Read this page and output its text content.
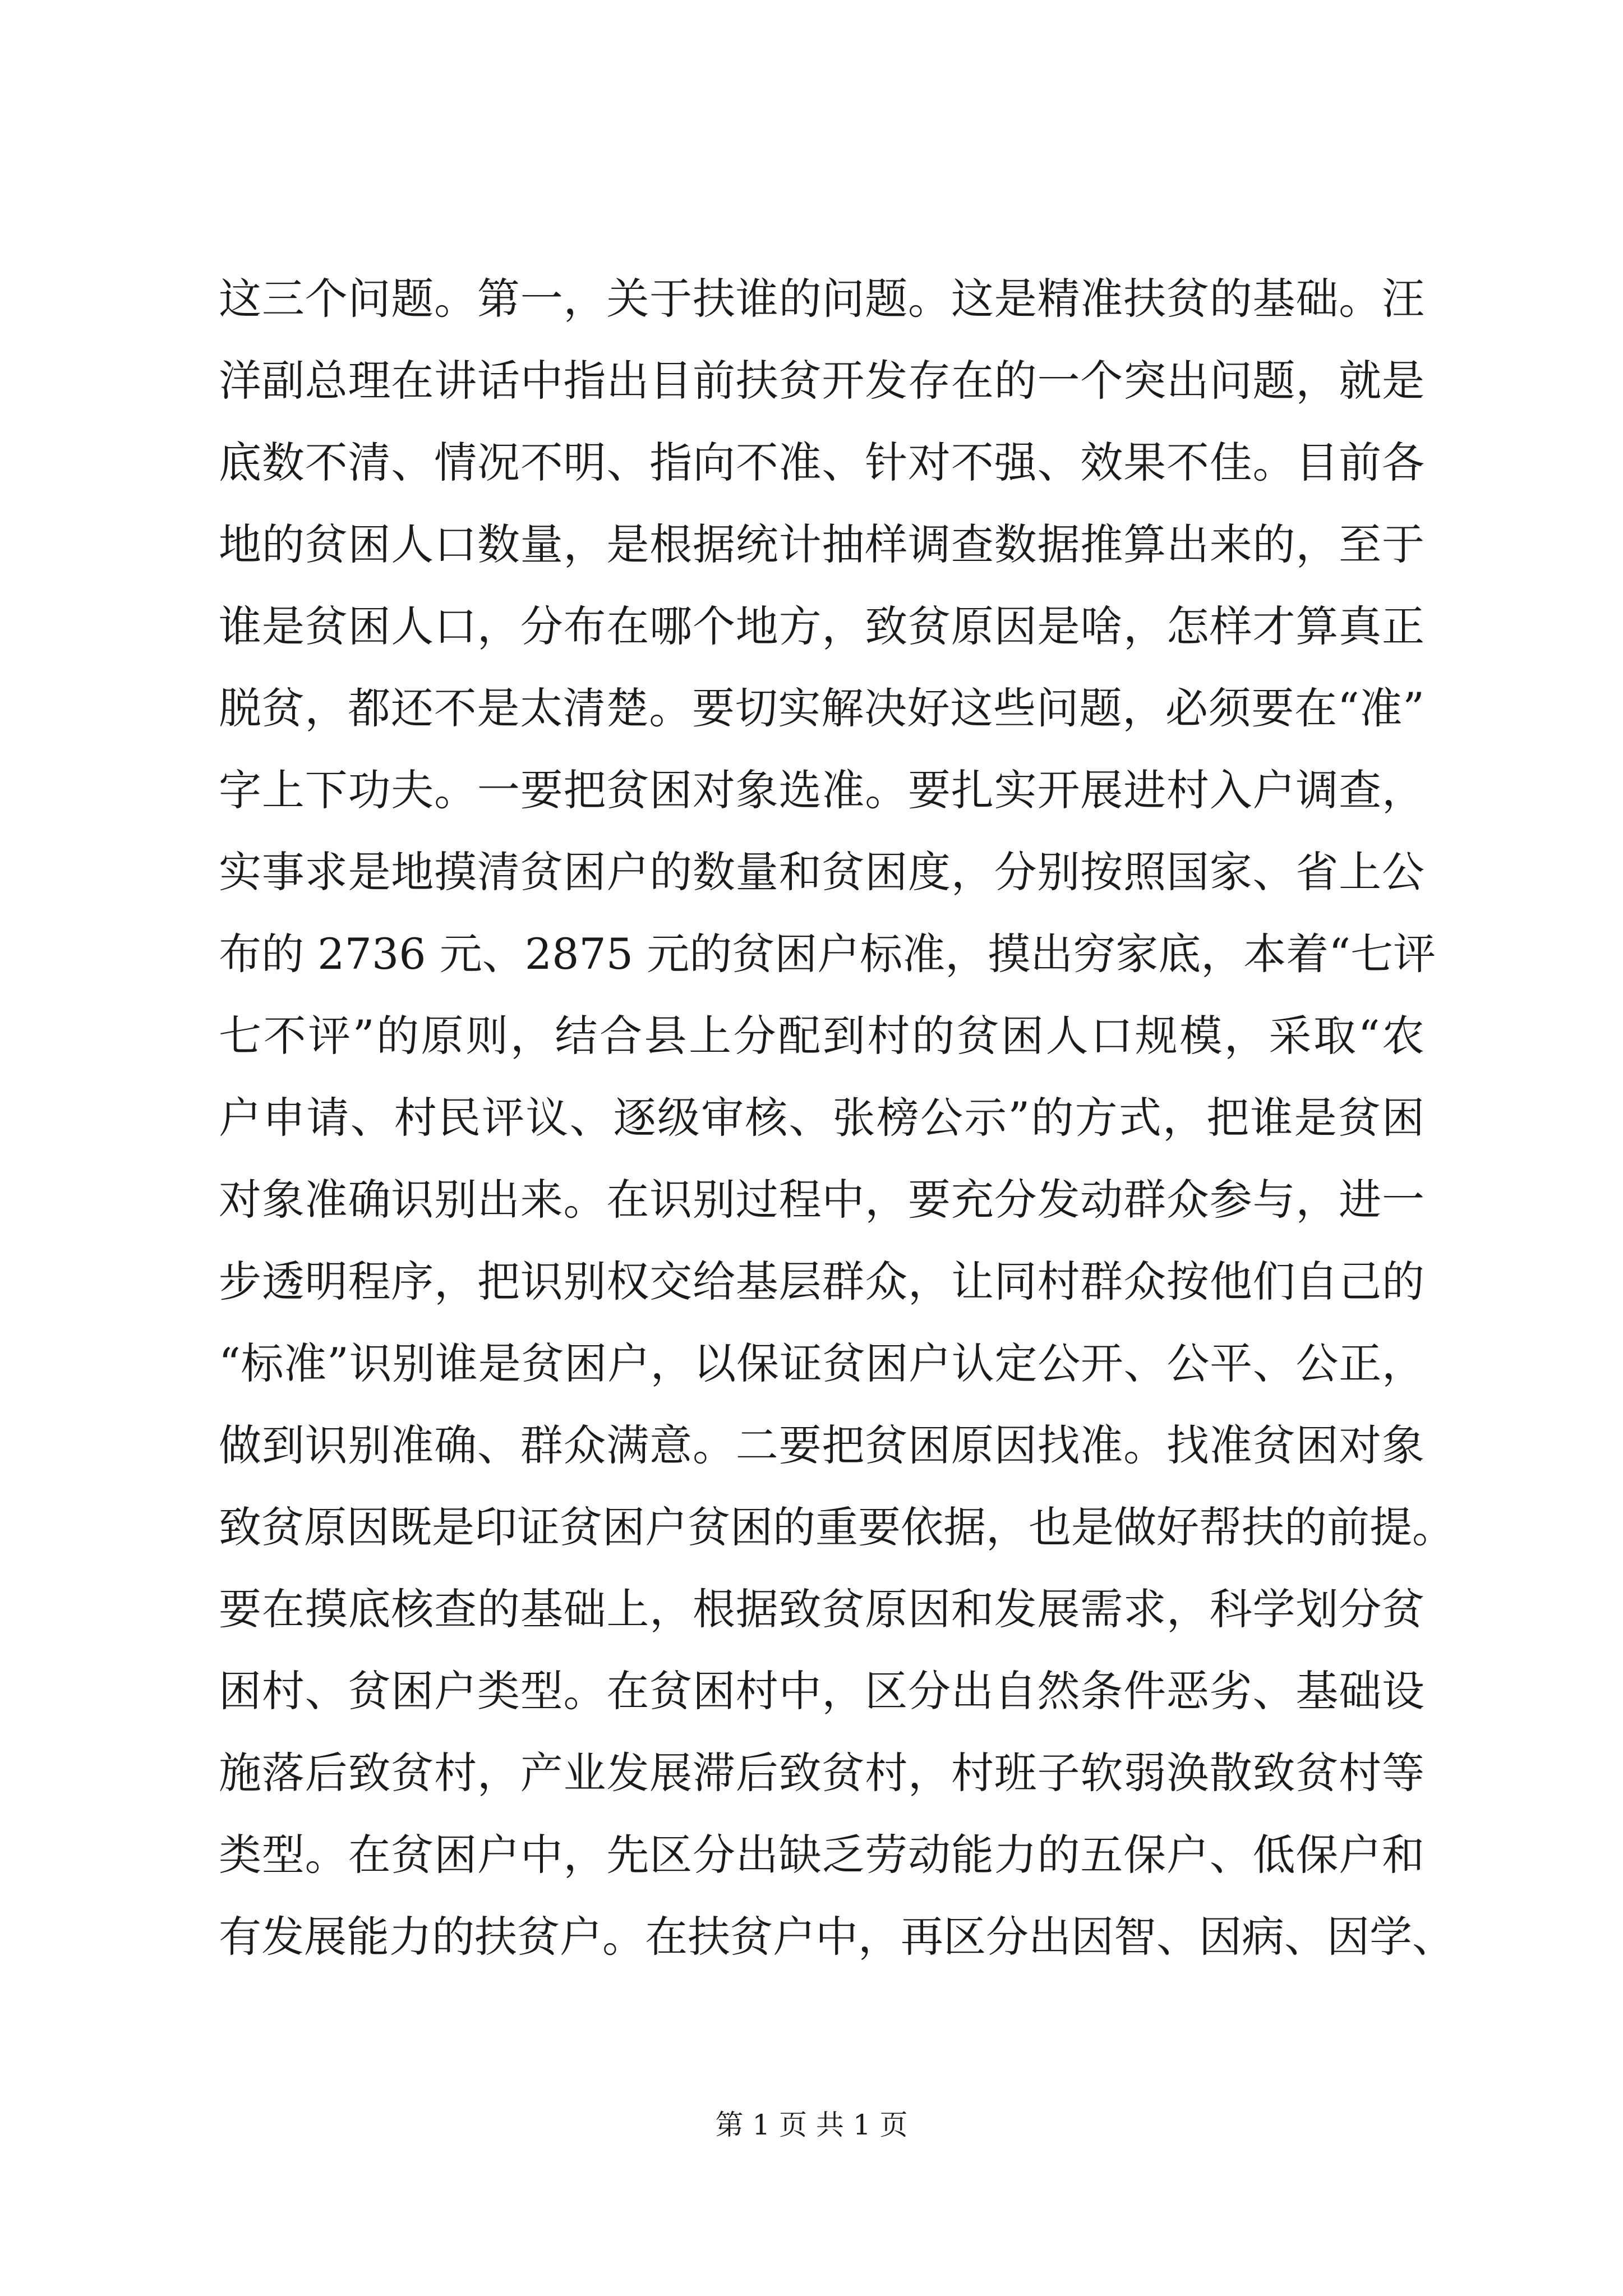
这三个问题。第一，关于扶谁的问题。这是精准扶贫的基础。汪
洋副总理在讲话中指出目前扶贫开发存在的一个突出问题，就是
底数不清、情况不明、指向不准、针对不强、效果不佳。目前各
地的贫困人口数量，是根据统计抽样调查数据推算出来的，至于
谁是贫困人口，分布在哪个地方，致贫原因是啥，怎样才算真正
脱贫，都还不是太清楚。要切实解决好这些问题，必须要在“准”
字上下功夫。一要把贫困对象选准。要扎实开展进村入户调查，
实事求是地摸清贫困户的数量和贫困度，分别按照国家、省上公
布的 2736 元、2875 元的贫困户标准，摸出穷家底，本着“七评
七不评”的原则，结合县上分配到村的贫困人口规模，采取“农
户申请、村民评议、逐级审核、张榜公示”的方式，把谁是贫困
对象准确识别出来。在识别过程中，要充分发动群众参与，进一
步透明程序，把识别权交给基层群众，让同村群众按他们自己的
“标准”识别谁是贫困户，以保证贫困户认定公开、公平、公正，
做到识别准确、群众满意。二要把贫困原因找准。找准贫困对象
致贫原因既是印证贫困户贫困的重要依据，也是做好帮扶的前提。
要在摸底核查的基础上，根据致贫原因和发展需求，科学划分贫
困村、贫困户类型。在贫困村中，区分出自然条件恶劣、基础设
施落后致贫村，产业发展滞后致贫村，村班子软弱涣散致贫村等
类型。在贫困户中，先区分出缺乏劳动能力的五保户、低保户和
有发展能力的扶贫户。在扶贫户中，再区分出因智、因病、因学、
第 1 页 共 1 页
